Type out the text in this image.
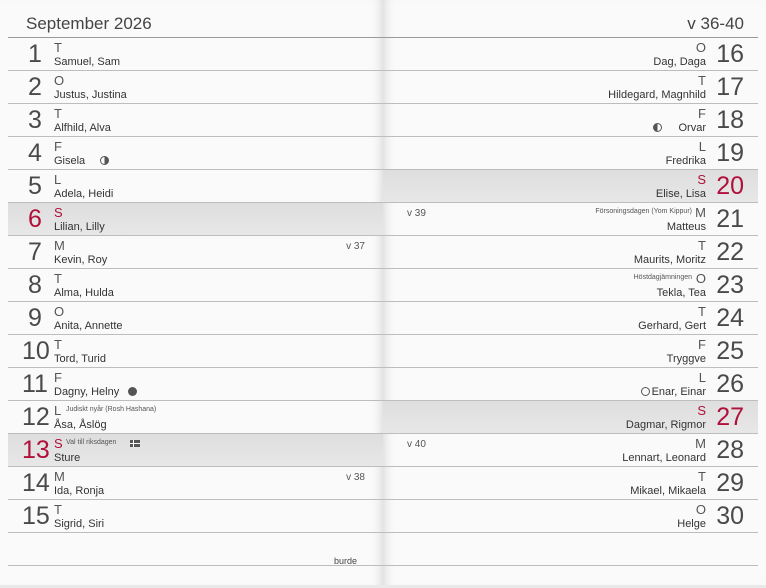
September 2026
1 T
Samuel, Sam
2 O
Justus, Justina
3 T
Alfhild, Alva
4 F
Gisela
5 L
Adela, Heidi
6 S
Lilian, Lilly
7 M
Kevin, Roy
v 37
8 T
Alma, Hulda
9 O
Anita, Annette
10 T
Tord, Turid
11 F
Dagny, Helny
12 L Judiskt nyår (Rosh Hashana)
Åsa, Åslög
13 S Val till riksdagen
Sture
14 M
Ida, Ronja
v 38
15 T
Sigrid, Siri
burde
v 36-40
16
O
Dag, Daga
17
T
Hildegard, Magnhild
18
F
Orvar
19
L
Fredrika
20
S
Elise, Lisa
v 39	21
Försoningsdagen (Yom Kippur) M
Matteus
22
T
Maurits, Moritz
23
Höstdagjämningen O
Tekla, Tea
24
T
Gerhard, Gert
25
F
Tryggve
26
L
Enar, Einar
27
S
Dagmar, Rigmor
v 40	28
M
Lennart, Leonard
29
T
Mikael, Mikaela
30
O
Helge
